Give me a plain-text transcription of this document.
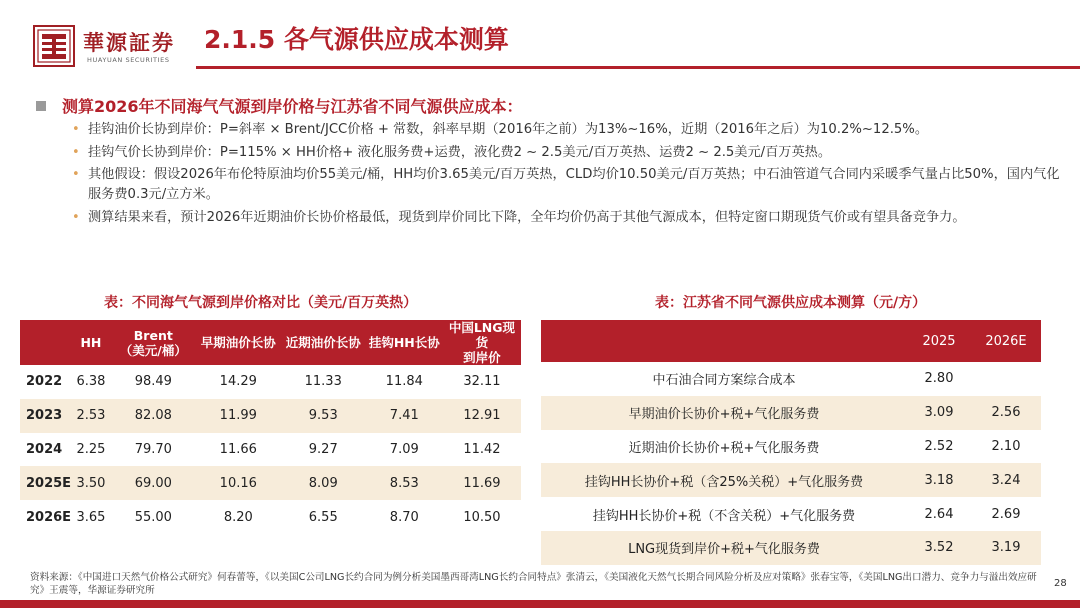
華源証券
HUAYUAN SECURITIES
2.1.5 各气源供应成本测算
测算2026年不同海气气源到岸价格与江苏省不同气源供应成本：
• 挂钩油价长协到岸价：P=斜率 × Brent/JCC价格 + 常数，斜率早期（2016年之前）为13%~16%，近期（2016年之后）为10.2%~12.5%。
• 挂钩气价长协到岸价：P=115% × HH价格+ 液化服务费+运费，液化费2 ~ 2.5美元/百万英热、运费2 ~ 2.5美元/百万英热。
• 其他假设：假设2026年布伦特原油均价55美元/桶，HH均价3.65美元/百万英热，CLD均价10.50美元/百万英热；中石油管道气合同内采暖季气量占比50%，国内气化服务费0.3元/立方米。
• 测算结果来看，预计2026年近期油价长协价格最低，现货到岸价同比下降，全年均价仍高于其他气源成本，但特定窗口期现货气价或有望具备竞争力。
表：不同海气气源到岸价格对比（美元/百万英热）	表：江苏省不同气源供应成本测算（元/方）
	HH	Brent
（美元/桶）	早期油价长协	近期油价长协	挂钩HH长协	中国LNG现货
到岸价
2022	6.38	98.49	14.29	11.33	11.84	32.11
2023	2.53	82.08	11.99	9.53	7.41	12.91
2024	2.25	79.70	11.66	9.27	7.09	11.42
2025E	3.50	69.00	10.16	8.09	8.53	11.69
2026E	3.65	55.00	8.20	6.55	8.70	10.50
	2025	2026E
中石油合同方案综合成本	2.80	
早期油价长协价+税+气化服务费	3.09	2.56
近期油价长协价+税+气化服务费	2.52	2.10
挂钩HH长协价+税（含25%关税）+气化服务费	3.18	3.24
挂钩HH长协价+税（不含关税）+气化服务费	2.64	2.69
LNG现货到岸价+税+气化服务费	3.52	3.19
资料来源：《中国进口天然气价格公式研究》何春蕾等，《以美国C公司LNG长约合同为例分析美国墨西哥湾LNG长约合同特点》张清云，《美国液化天然气长期合同风险分析及应对策略》张春宝等，《美国LNG出口潜力、竞争力与溢出效应研究》王震等，华源证券研究所
28
